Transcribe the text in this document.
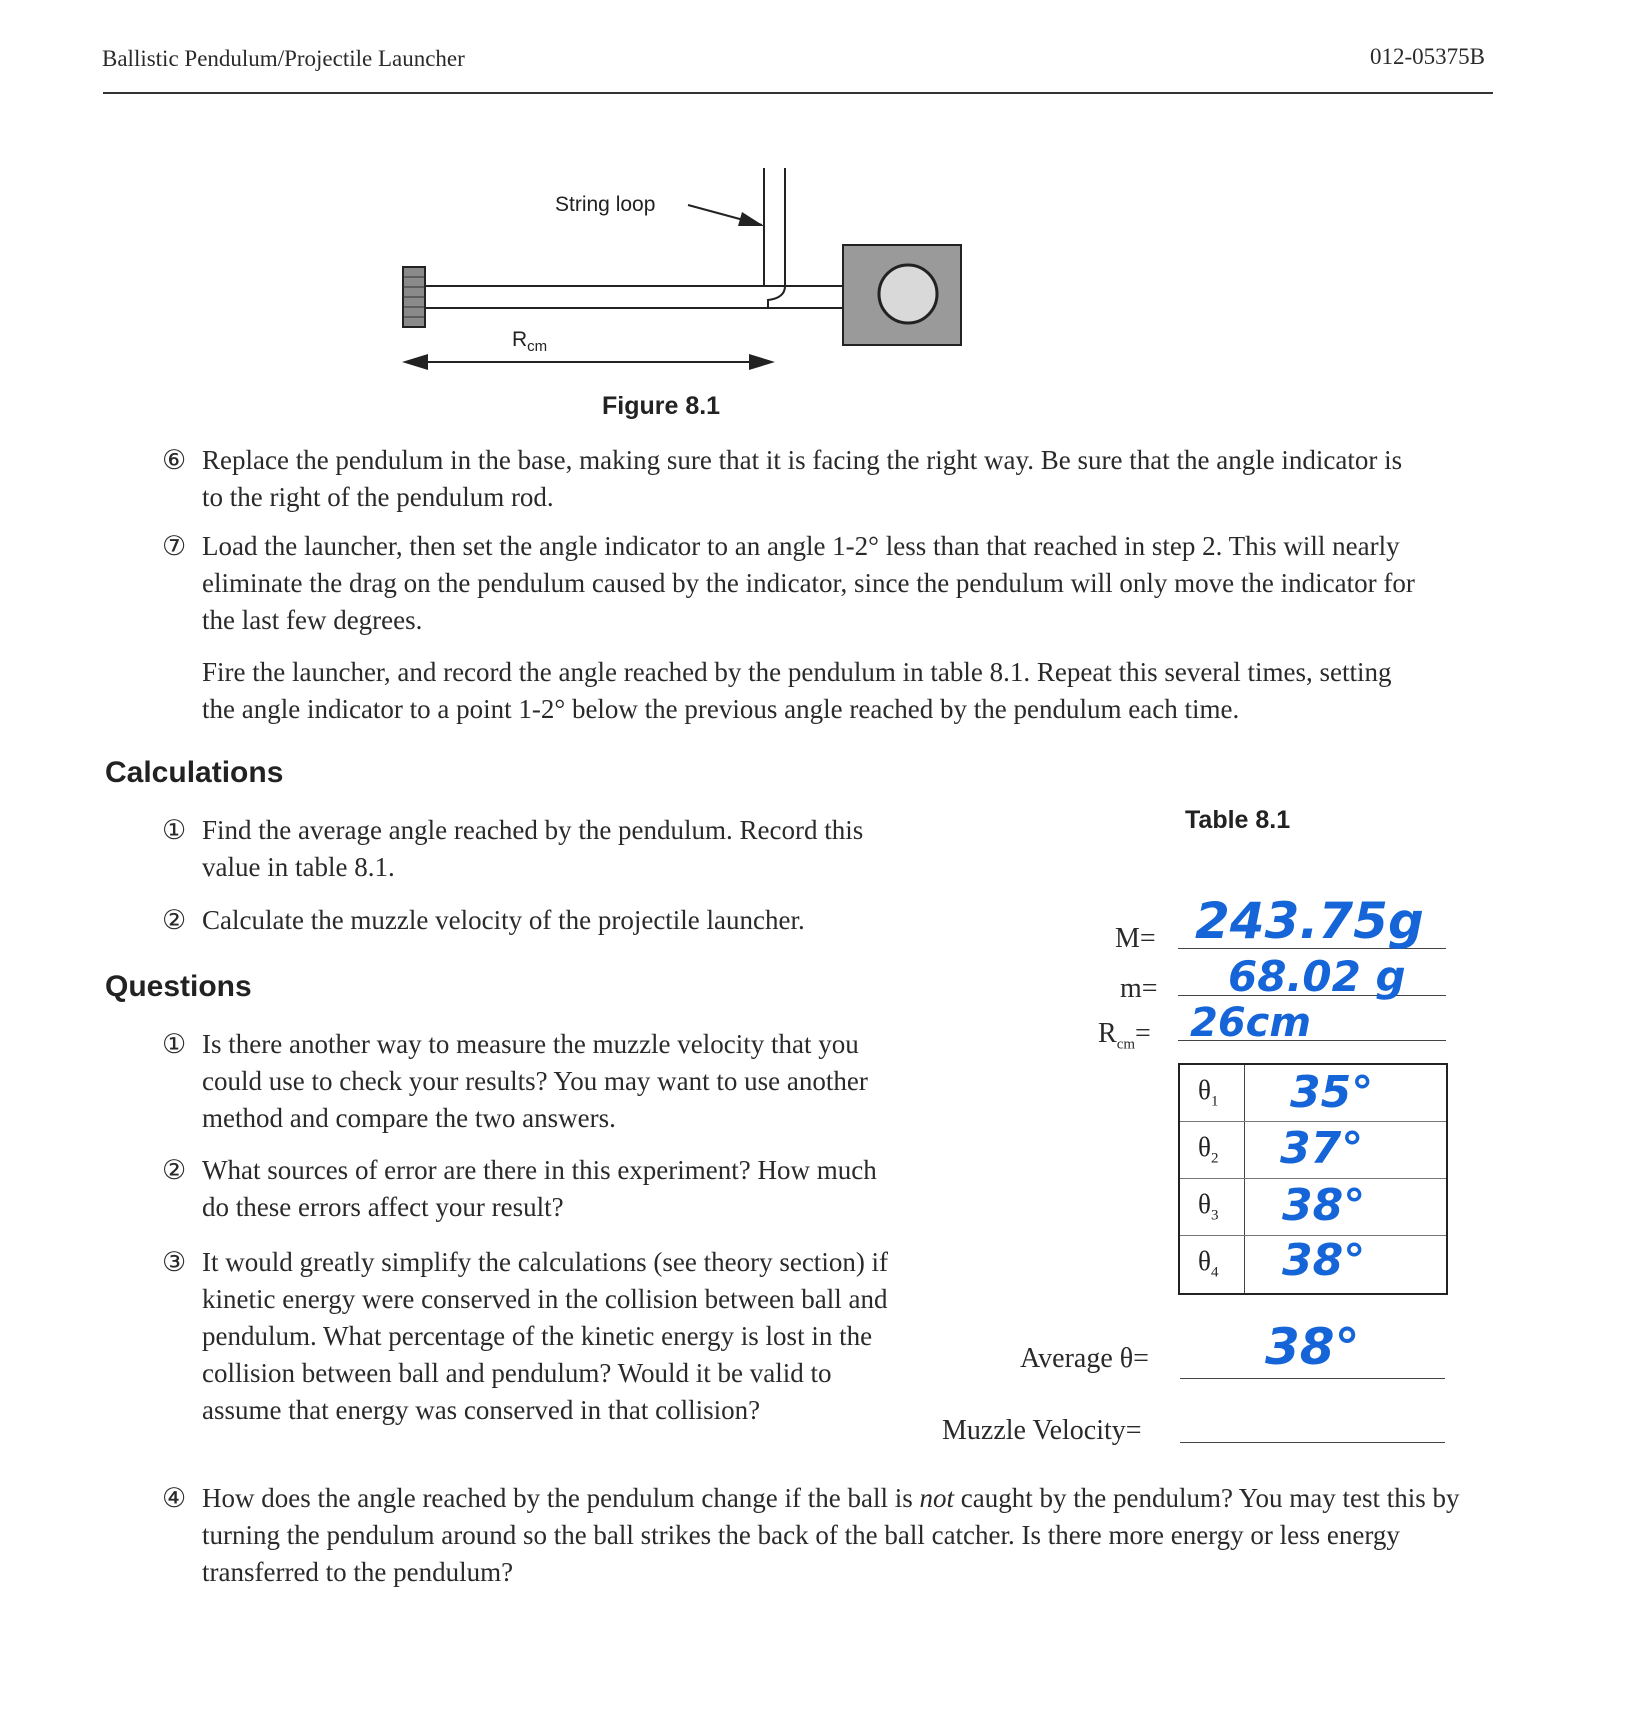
Ballistic Pendulum/Projectile Launcher	012-05375B
String loop
$R_{cm}$
Figure 8.1
⑥ Replace the pendulum in the base, making sure that it is facing the right way. Be sure that the angle indicator is to the right of the pendulum rod.
⑦ Load the launcher, then set the angle indicator to an angle 1-2° less than that reached in step 2. This will nearly eliminate the drag on the pendulum caused by the indicator, since the pendulum will only move the indicator for the last few degrees.
Fire the launcher, and record the angle reached by the pendulum in table 8.1. Repeat this several times, setting the angle indicator to a point 1-2° below the previous angle reached by the pendulum each time.
Calculations
① Find the average angle reached by the pendulum. Record this value in table 8.1.
② Calculate the muzzle velocity of the projectile launcher.
Questions
① Is there another way to measure the muzzle velocity that you could use to check your results? You may want to use another method and compare the two answers.
② What sources of error are there in this experiment? How much do these errors affect your result?
③ It would greatly simplify the calculations (see theory section) if kinetic energy were conserved in the collision between ball and pendulum. What percentage of the kinetic energy is lost in the collision between ball and pendulum? Would it be valid to assume that energy was conserved in that collision?
④ How does the angle reached by the pendulum change if the ball is not caught by the pendulum? You may test this by turning the pendulum around so the ball strikes the back of the ball catcher. Is there more energy or less energy transferred to the pendulum?
Table 8.1
M= 243.75g
m= 68.02 g
$R_{cm}= 26cm$
$\theta_1$ 35°
$\theta_2$ 37°
$\theta_3$ 38°
$\theta_4$ 38°
Average θ= 38°
Muzzle Velocity=
